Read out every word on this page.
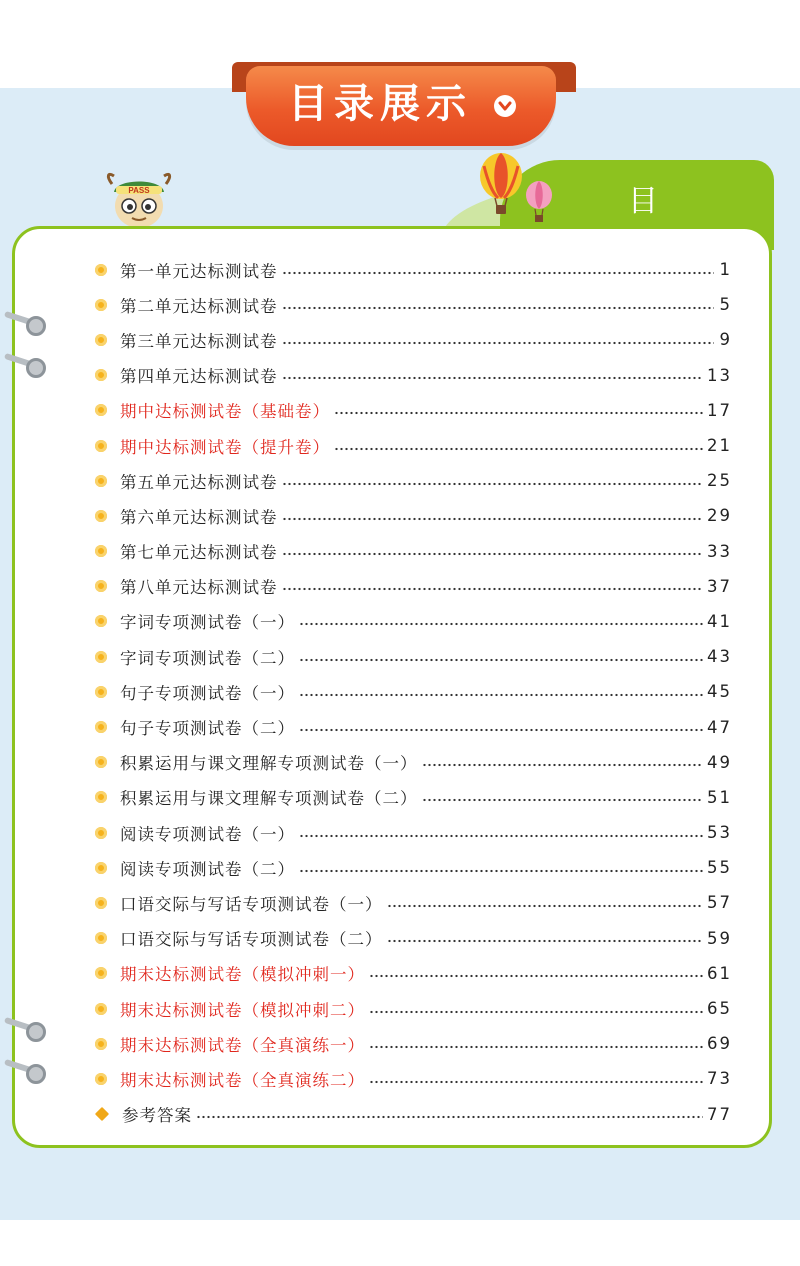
目录展示
目
PASS
第一单元达标测试卷	1
第二单元达标测试卷	5
第三单元达标测试卷	9
第四单元达标测试卷	13
期中达标测试卷（基础卷）	17
期中达标测试卷（提升卷）	21
第五单元达标测试卷	25
第六单元达标测试卷	29
第七单元达标测试卷	33
第八单元达标测试卷	37
字词专项测试卷（一）	41
字词专项测试卷（二）	43
句子专项测试卷（一）	45
句子专项测试卷（二）	47
积累运用与课文理解专项测试卷（一）	49
积累运用与课文理解专项测试卷（二）	51
阅读专项测试卷（一）	53
阅读专项测试卷（二）	55
口语交际与写话专项测试卷（一）	57
口语交际与写话专项测试卷（二）	59
期末达标测试卷（模拟冲刺一）	61
期末达标测试卷（模拟冲刺二）	65
期末达标测试卷（全真演练一）	69
期末达标测试卷（全真演练二）	73
参考答案	77
